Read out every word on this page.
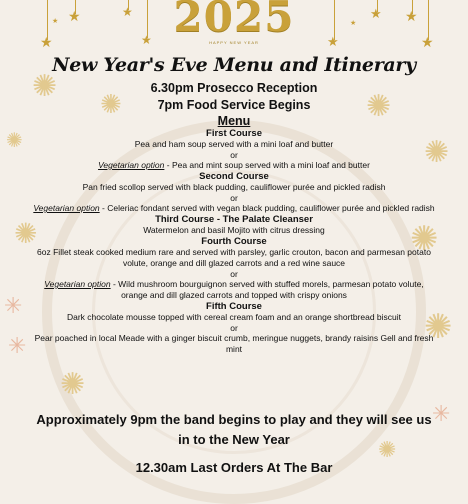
✺
✺	✺
✺	✺
✺	✺
✳
✳	✺
✺
✳
✺
★
★	★
★	★
★ ★
★
★	★
2025
HAPPY NEW YEAR
New Year's Eve Menu and Itinerary
6.30pm Prosecco Reception
7pm Food Service Begins
Menu
First Course
Pea and ham soup served with a mini loaf and butter
or
Vegetarian option - Pea and mint soup served with a mini loaf and butter
Second Course
Pan fried scollop served with black pudding, cauliflower purée and pickled radish
or
Vegetarian option - Celeriac fondant served with vegan black pudding, cauliflower purée and pickled radish
Third Course - The Palate Cleanser
Watermelon and basil Mojito with citrus dressing
Fourth Course
6oz Fillet steak cooked medium rare and served with parsley, garlic crouton, bacon and parmesan potato volute, orange and dill glazed carrots and a red wine sauce
or
Vegetarian option - Wild mushroom bourguignon served with stuffed morels, parmesan potato volute, orange and dill glazed carrots and topped with crispy onions
Fifth Course
Dark chocolate mousse topped with cereal cream foam and an orange shortbread biscuit
or
Pear poached in local Meade with a ginger biscuit crumb, meringue nuggets, brandy raisins Gell and fresh mint
Approximately 9pm the band begins to play and they will see us in to the New Year
12.30am Last Orders At The Bar
